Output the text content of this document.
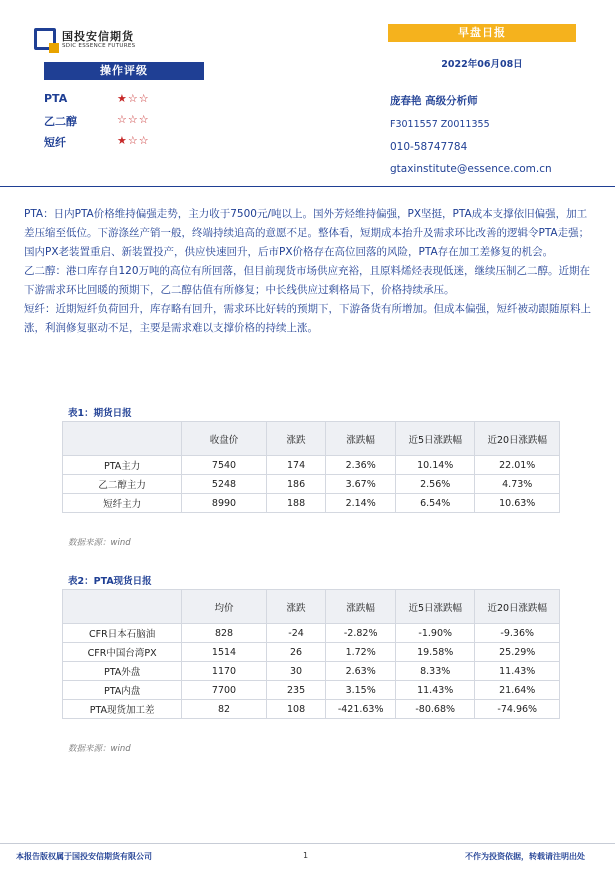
国投安信期货
SDIC ESSENCE FUTURES
早盘日报
2022年06月08日
操作评级
PTA	★☆☆
乙二醇	☆☆☆
短纤	★☆☆
庞春艳 高级分析师
F3011557 Z0011355
010-58747784
gtaxinstitute@essence.com.cn

PTA：日内PTA价格维持偏强走势，主力收于7500元/吨以上。国外芳烃维持偏强，PX坚挺，PTA成本支撑依旧偏强，加工差压缩至低位。下游涤丝产销一般，终端持续追高的意愿不足。整体看，短期成本抬升及需求环比改善的逻辑令PTA走强；国内PX老装置重启、新装置投产，供应快速回升，后市PX价格存在高位回落的风险，PTA存在加工差修复的机会。

乙二醇：港口库存自120万吨的高位有所回落，但目前现货市场供应充裕，且原料烯烃表现低迷，继续压制乙二醇。近期在下游需求环比回暖的预期下，乙二醇估值有所修复；中长线供应过剩格局下，价格持续承压。

短纤：近期短纤负荷回升，库存略有回升，需求环比好转的预期下，下游备货有所增加。但成本偏强，短纤被动跟随原料上涨，利润修复驱动不足，主要是需求难以支撑价格的持续上涨。

表1：期货日报
	收盘价	涨跌	涨跌幅	近5日涨跌幅	近20日涨跌幅
PTA主力	7540	174	2.36%	10.14%	22.01%
乙二醇主力	5248	186	3.67%	2.56%	4.73%
短纤主力	8990	188	2.14%	6.54%	10.63%
数据来源：wind
表2：PTA现货日报
	均价	涨跌	涨跌幅	近5日涨跌幅	近20日涨跌幅
CFR日本石脑油	828	-24	-2.82%	-1.90%	-9.36%
CFR中国台湾PX	1514	26	1.72%	19.58%	25.29%
PTA外盘	1170	30	2.63%	8.33%	11.43%
PTA内盘	7700	235	3.15%	11.43%	21.64%
PTA现货加工差	82	108	-421.63%	-80.68%	-74.96%
数据来源：wind
本报告版权属于国投安信期货有限公司	1	不作为投资依据，转载请注明出处
